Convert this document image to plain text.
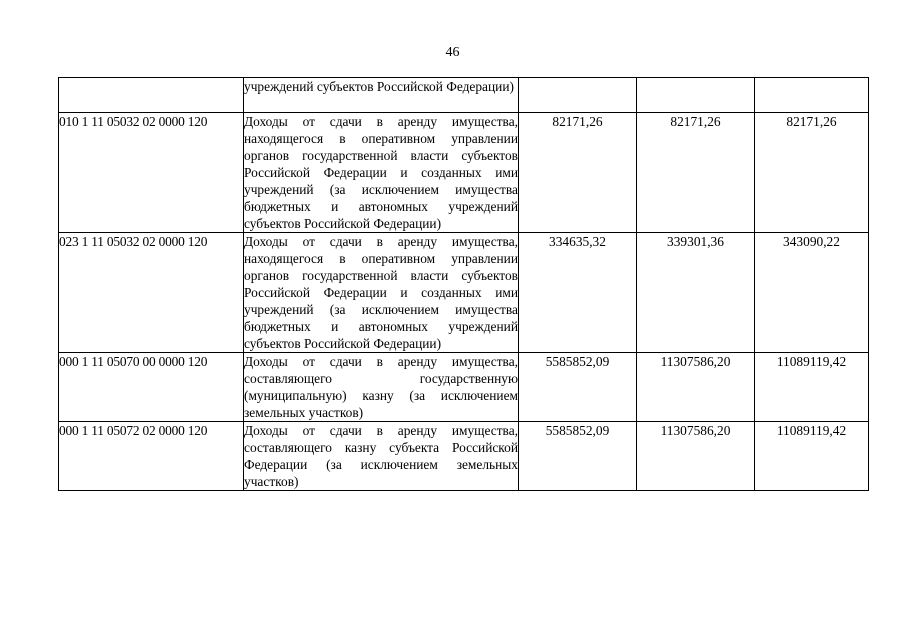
46
	учреждений субъектов Российской Федерации)			
010 1 11 05032 02 0000 120	Доходы от сдачи в аренду имущества, находящегося в оперативном управлении органов государственной власти субъектов Российской Федерации и созданных ими учреждений (за исключением имущества бюджетных и автономных учреждений субъектов Российской Федерации)	82171,26	82171,26	82171,26
023 1 11 05032 02 0000 120	Доходы от сдачи в аренду имущества, находящегося в оперативном управлении органов государственной власти субъектов Российской Федерации и созданных ими учреждений (за исключением имущества бюджетных и автономных учреждений субъектов Российской Федерации)	334635,32	339301,36	343090,22
000 1 11 05070 00 0000 120	Доходы от сдачи в аренду имущества, составляющего государственную (муниципальную) казну (за исключением земельных участков)	5585852,09	11307586,20	11089119,42
000 1 11 05072 02 0000 120	Доходы от сдачи в аренду имущества, составляющего казну субъекта Российской Федерации (за исключением земельных участков)	5585852,09	11307586,20	11089119,42
